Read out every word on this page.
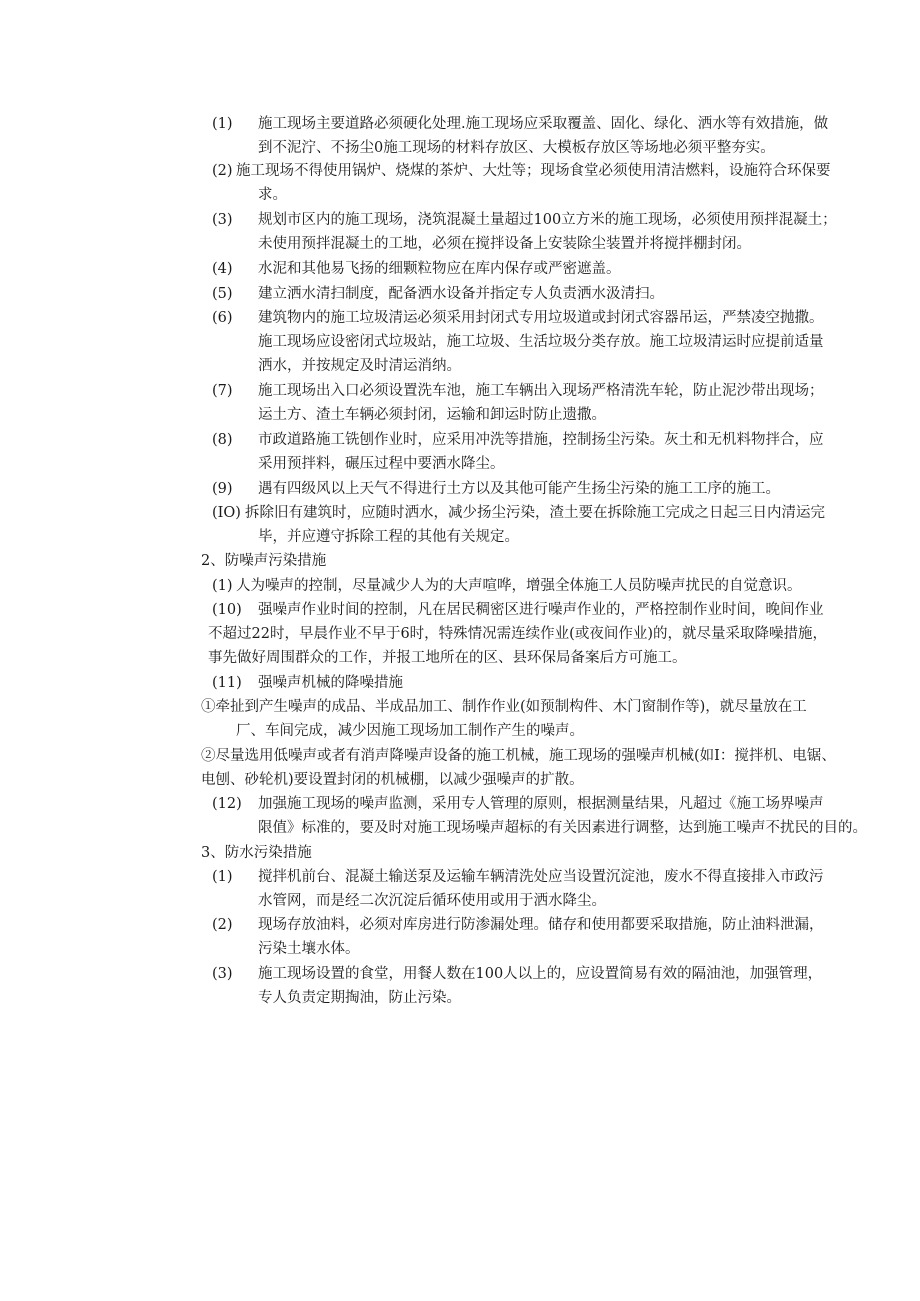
(1) 施工现场主要道路必须硬化处理.施工现场应采取覆盖、固化、绿化、洒水等有效措施，做
到不泥泞、不扬尘0施工现场的材料存放区、大模板存放区等场地必须平整夯实。
(2) 施工现场不得使用锅炉、烧煤的茶炉、大灶等；现场食堂必须使用清洁燃料，设施符合环保要
求。
(3) 规划市区内的施工现场，浇筑混凝土量超过100立方米的施工现场，必须使用预拌混凝土；
未使用预拌混凝土的工地，必须在搅拌设备上安装除尘装置并将搅拌棚封闭。
(4) 水泥和其他易飞扬的细颗粒物应在库内保存或严密遮盖。
(5) 建立洒水清扫制度，配备洒水设备并指定专人负责洒水汲清扫。
(6) 建筑物内的施工垃圾清运必须采用封闭式专用垃圾道或封闭式容器吊运，严禁凌空抛撒。
施工现场应设密闭式垃圾站，施工垃圾、生活垃圾分类存放。施工垃圾清运时应提前适量
洒水，并按规定及时清运消纳。
(7) 施工现场出入口必须设置洗车池，施工车辆出入现场严格清洗车轮，防止泥沙带出现场；
运土方、渣土车辆必须封闭，运输和卸运时防止遗撒。
(8) 市政道路施工铣刨作业时，应采用冲洗等措施，控制扬尘污染。灰土和无机料物拌合，应
采用预拌料，碾压过程中要洒水降尘。
(9) 遇有四级风以上天气不得进行土方以及其他可能产生扬尘污染的施工工序的施工。
(IO) 拆除旧有建筑时，应随时洒水，减少扬尘污染，渣土要在拆除施工完成之日起三日内清运完
毕，并应遵守拆除工程的其他有关规定。
2、防噪声污染措施
(1) 人为噪声的控制，尽量减少人为的大声喧哗，增强全体施工人员防噪声扰民的自觉意识。
(10) 强噪声作业时间的控制，凡在居民稠密区进行噪声作业的，严格控制作业时间，晚间作业
不超过22时，早晨作业不早于6时，特殊情况需连续作业(或夜间作业)的，就尽量采取降噪措施，
事先做好周围群众的工作，并报工地所在的区、县环保局备案后方可施工。
(11) 强噪声机械的降噪措施
①牵扯到产生噪声的成品、半成品加工、制作作业(如预制构件、木门窗制作等)，就尽量放在工
厂、车间完成，减少因施工现场加工制作产生的噪声。
②尽量选用低噪声或者有消声降噪声设备的施工机械，施工现场的强噪声机械(如I：搅拌机、电锯、
电刨、砂轮机)要设置封闭的机械棚，以减少强噪声的扩散。
(12) 加强施工现场的噪声监测，采用专人管理的原则，根据测量结果，凡超过《施工场界噪声
限值》标准的，要及时对施工现场噪声超标的有关因素进行调整，达到施工噪声不扰民的目的。
3、防水污染措施
(1) 搅拌机前台、混凝土输送泵及运输车辆清洗处应当设置沉淀池，废水不得直接排入市政污
水管网，而是经二次沉淀后循环使用或用于洒水降尘。
(2) 现场存放油料，必须对库房进行防渗漏处理。储存和使用都要采取措施，防止油料泄漏，
污染土壤水体。
(3) 施工现场设置的食堂，用餐人数在100人以上的，应设置简易有效的隔油池，加强管理，
专人负责定期掏油，防止污染。
